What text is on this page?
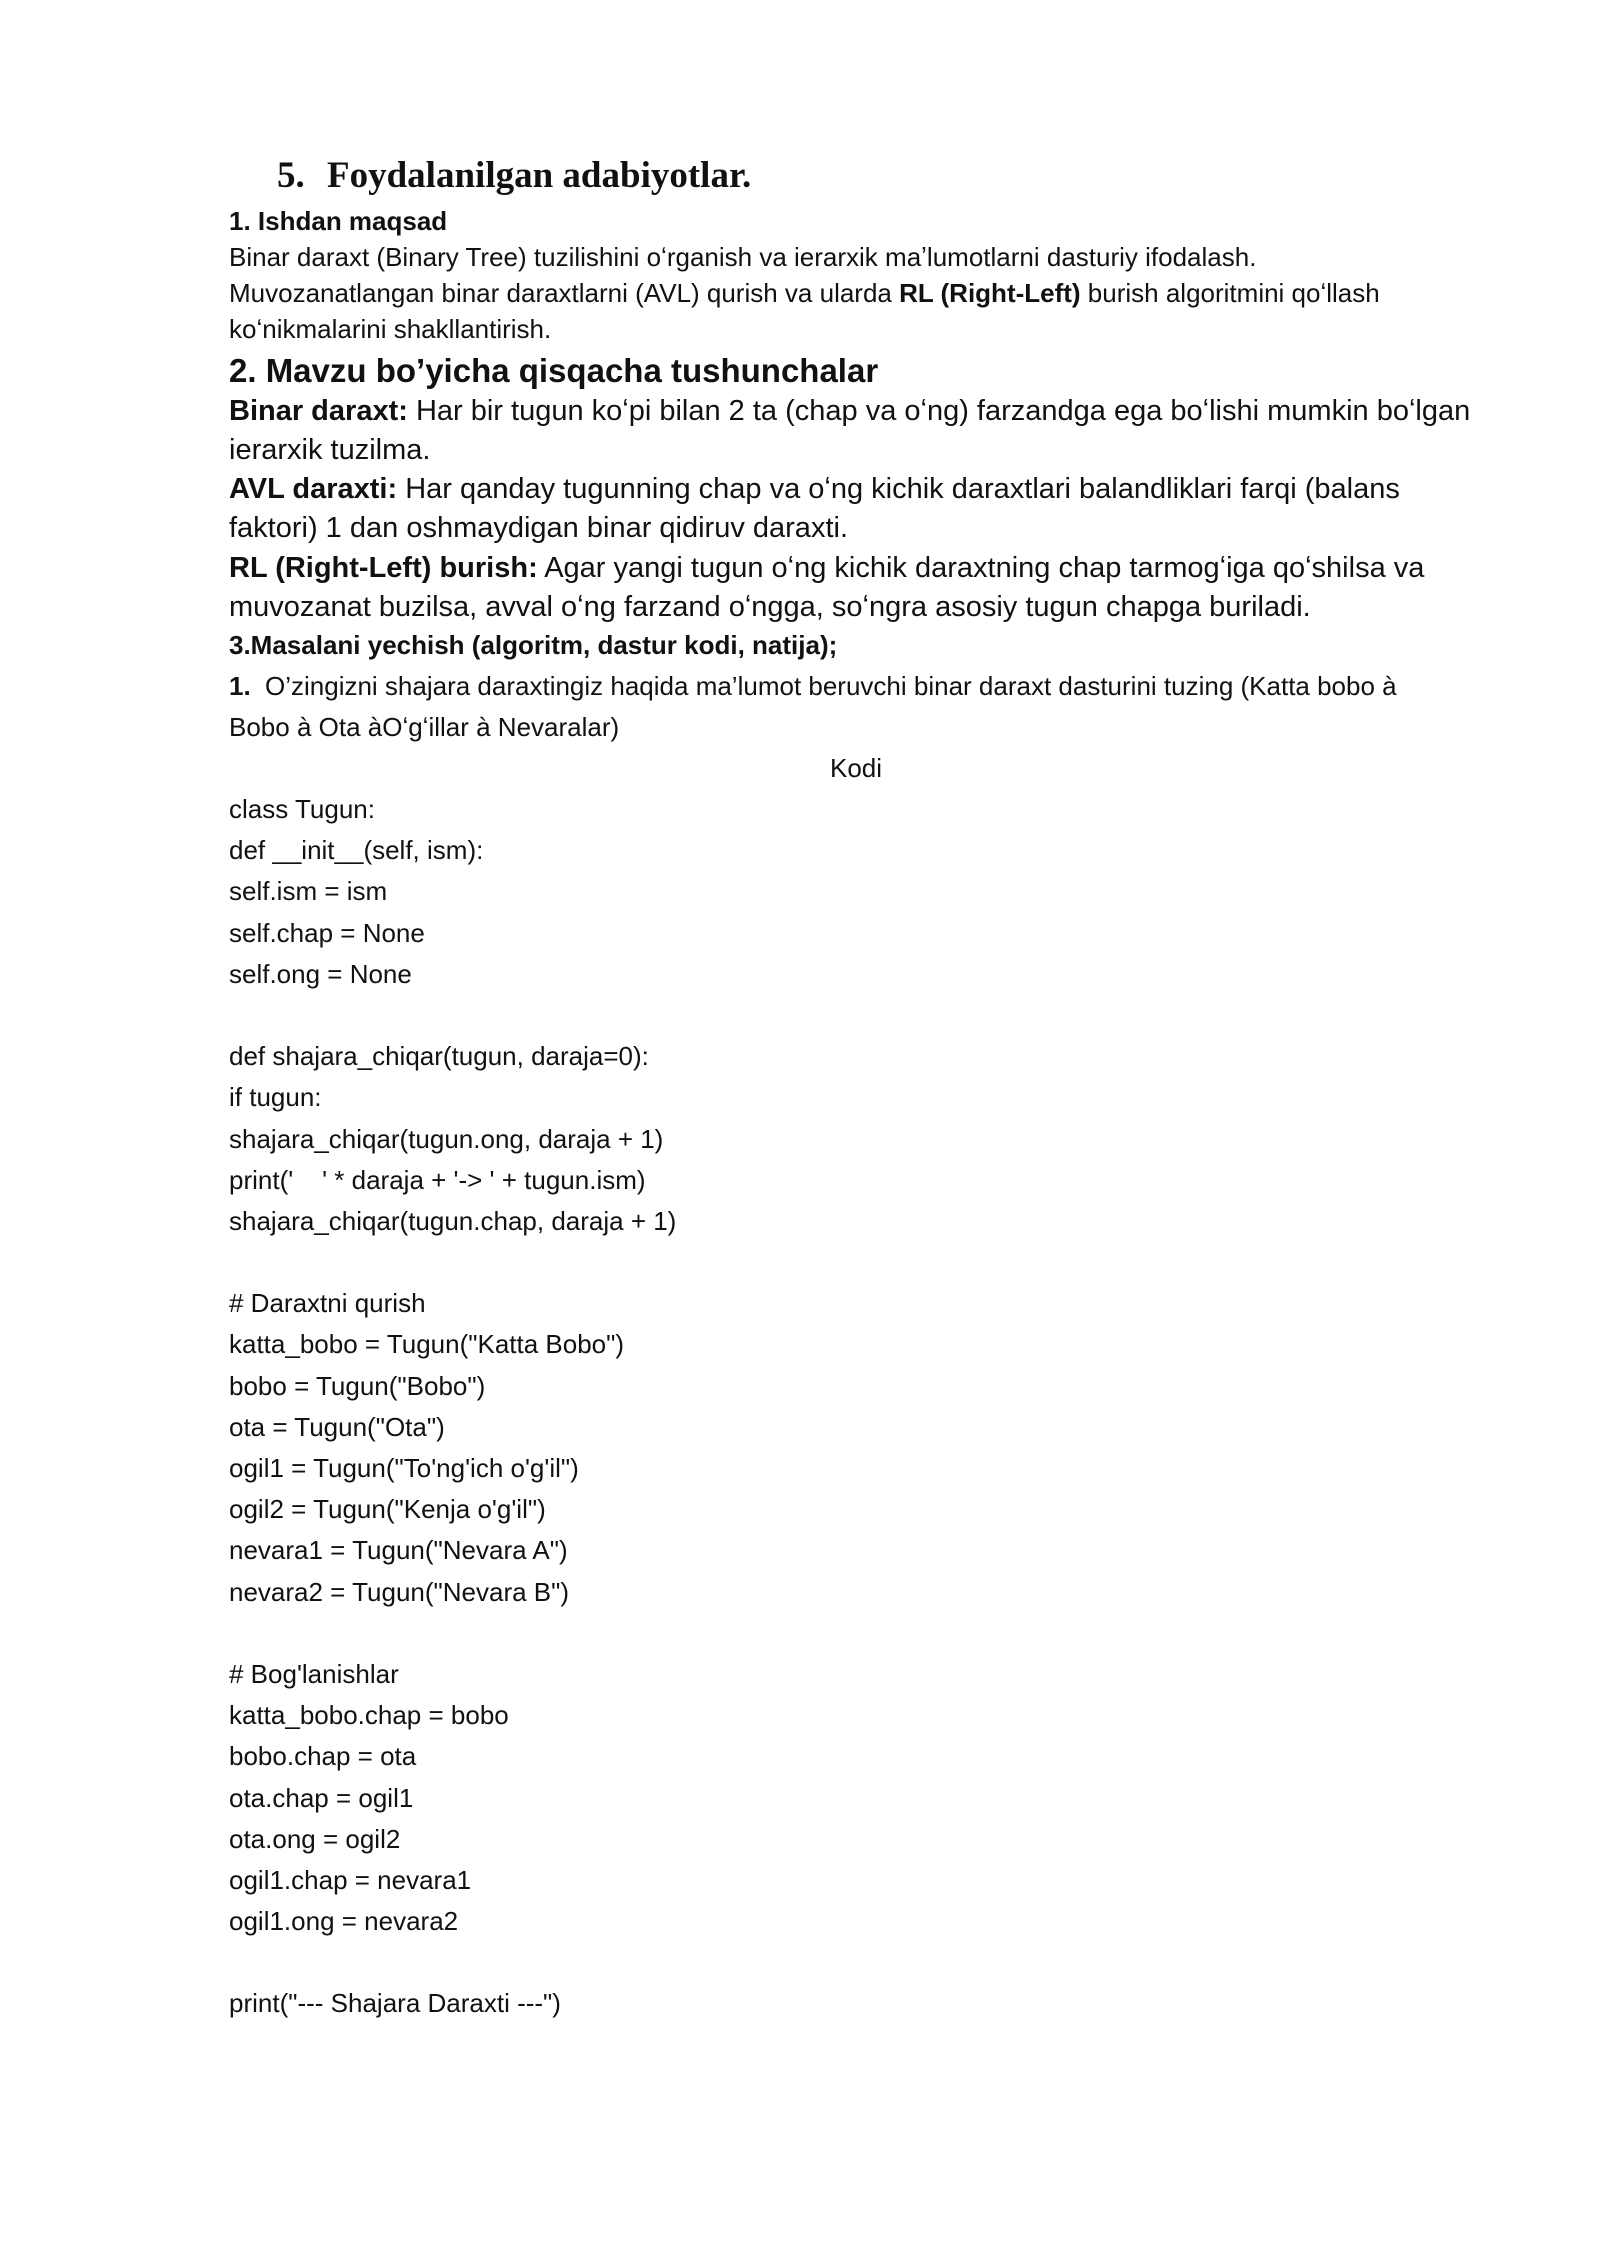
5. Foydalanilgan adabiyotlar.
1. Ishdan maqsad
Binar daraxt (Binary Tree) tuzilishini oʻrganish va ierarxik maʼlumotlarni dasturiy ifodalash.
Muvozanatlangan binar daraxtlarni (AVL) qurish va ularda RL (Right-Left) burish algoritmini qoʻllash
koʻnikmalarini shakllantirish.
2. Mavzu bo’yicha qisqacha tushunchalar
Binar daraxt: Har bir tugun koʻpi bilan 2 ta (chap va oʻng) farzandga ega boʻlishi mumkin boʻlgan
ierarxik tuzilma.
AVL daraxti: Har qanday tugunning chap va oʻng kichik daraxtlari balandliklari farqi (balans
faktori) 1 dan oshmaydigan binar qidiruv daraxti.
RL (Right-Left) burish: Agar yangi tugun oʻng kichik daraxtning chap tarmogʻiga qoʻshilsa va
muvozanat buzilsa, avval oʻng farzand oʻngga, soʻngra asosiy tugun chapga buriladi.
3.Masalani yechish (algoritm, dastur kodi, natija);
1. O’zingizni shajara daraxtingiz haqida ma’lumot beruvchi binar daraxt dasturini tuzing (Katta bobo à
Bobo à Ota àOʻgʻillar à Nevaralar)
Kodi
class Tugun:
def __init__(self, ism):
self.ism = ism
self.chap = None
self.ong = None

def shajara_chiqar(tugun, daraja=0):
if tugun:
shajara_chiqar(tugun.ong, daraja + 1)
print('    ' * daraja + '-> ' + tugun.ism)
shajara_chiqar(tugun.chap, daraja + 1)

# Daraxtni qurish
katta_bobo = Tugun("Katta Bobo")
bobo = Tugun("Bobo")
ota = Tugun("Ota")
ogil1 = Tugun("To'ng'ich o'g'il")
ogil2 = Tugun("Kenja o'g'il")
nevara1 = Tugun("Nevara A")
nevara2 = Tugun("Nevara B")

# Bog'lanishlar
katta_bobo.chap = bobo
bobo.chap = ota
ota.chap = ogil1
ota.ong = ogil2
ogil1.chap = nevara1
ogil1.ong = nevara2

print("--- Shajara Daraxti ---")
